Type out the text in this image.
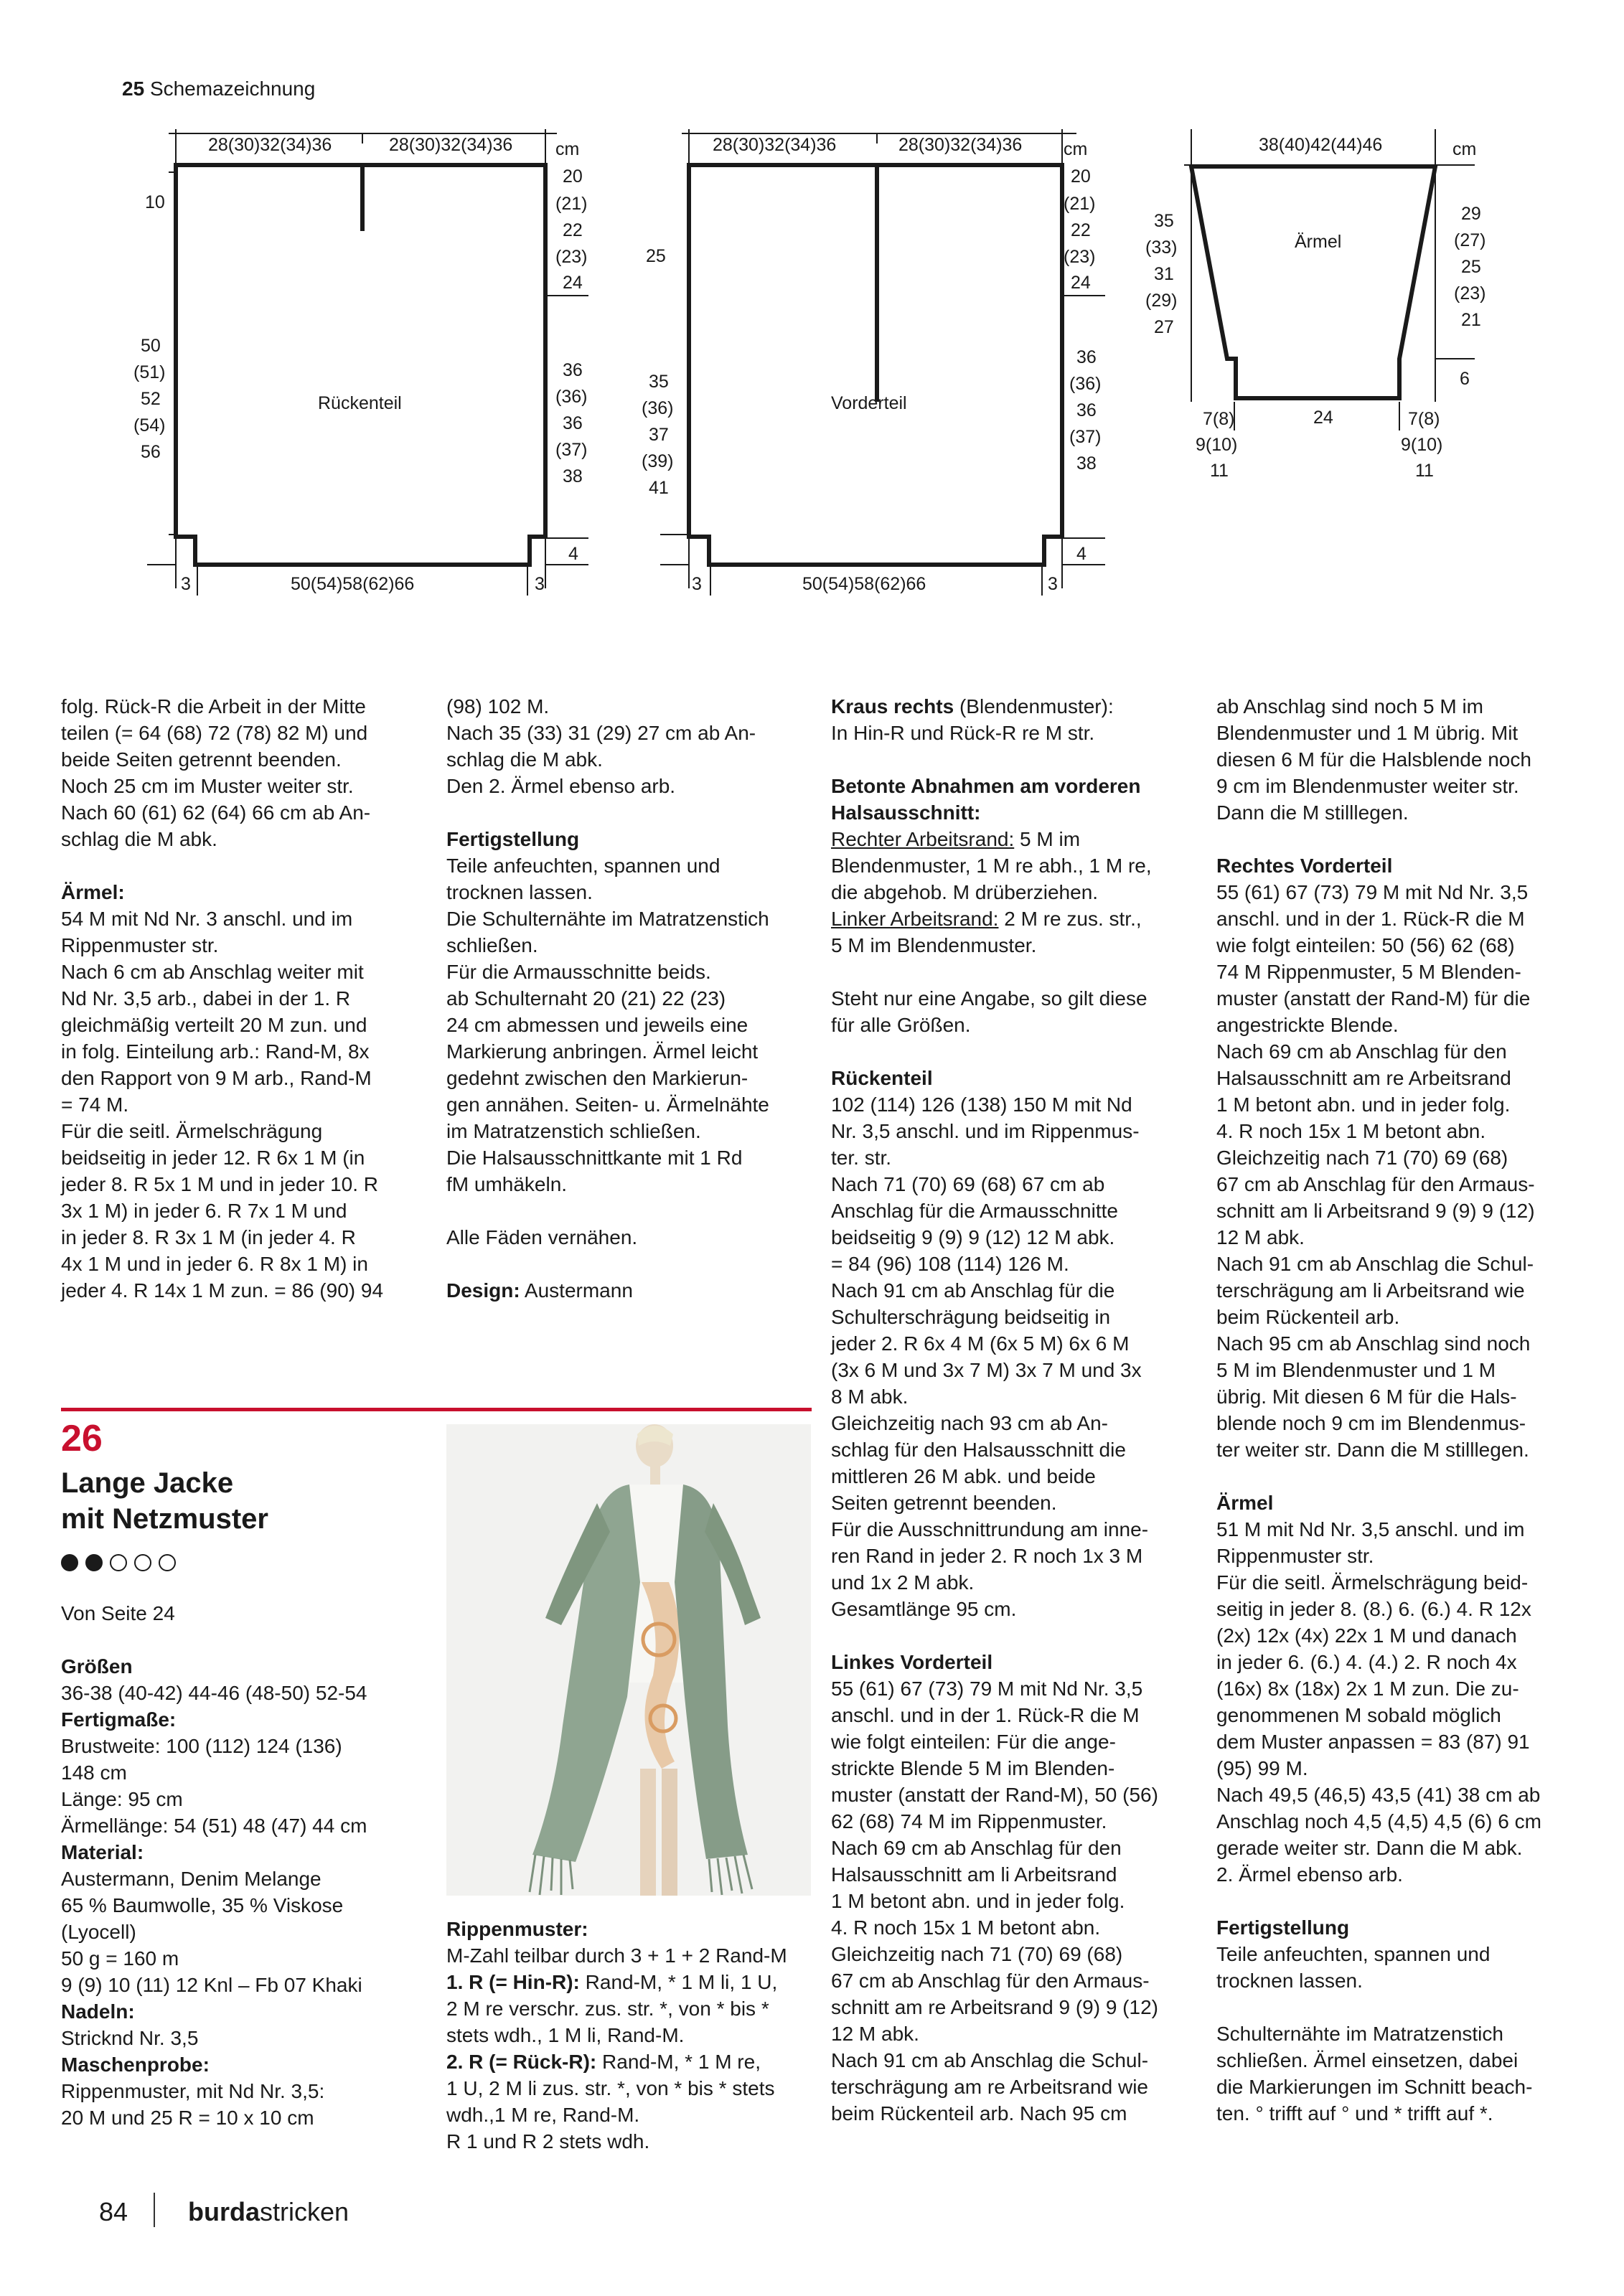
25 Schemazeichnung
28(30)32(34)36	28(30)32(34)36 cm
10
50
(51)
52
(54)
56
20
(21)
22
(23)
24
36
(36)
36
(37)
38
Rückenteil
4
3	50(54)58(62)66	3
28(30)32(34)36	28(30)32(34)36 cm
25
35
(36)
37
(39)
41
20
(21)
22
(23)
24
36
(36)
36
(37)
38
Vorderteil
4
3	50(54)58(62)66	3
38(40)42(44)46	cm
35
(33)
31
(29)
27
29
(27)
25
(23)
21
Ärmel
6
24
7(8)
9(10)
11
7(8)
9(10)
11

folg. Rück-R die Arbeit in der Mitte

teilen (= 64 (68) 72 (78) 82 M) und

beide Seiten getrennt beenden.

Noch 25 cm im Muster weiter str.

Nach 60 (61) 62 (64) 66 cm ab An-

schlag die M abk.

Ärmel:

54 M mit Nd Nr. 3 anschl. und im

Rippenmuster str.

Nach 6 cm ab Anschlag weiter mit

Nd Nr. 3,5 arb., dabei in der 1. R

gleichmäßig verteilt 20 M zun. und

in folg. Einteilung arb.: Rand-M, 8x

den Rapport von 9 M arb., Rand-M

= 74 M.

Für die seitl. Ärmelschrägung

beidseitig in jeder 12. R 6x 1 M (in

jeder 8. R 5x 1 M und in jeder 10. R

3x 1 M) in jeder 6. R 7x 1 M und

in jeder 8. R 3x 1 M (in jeder 4. R

4x 1 M und in jeder 6. R 8x 1 M) in

jeder 4. R 14x 1 M zun. = 86 (90) 94

(98) 102 M.

Nach 35 (33) 31 (29) 27 cm ab An-

schlag die M abk.

Den 2. Ärmel ebenso arb.

Fertigstellung

Teile anfeuchten, spannen und

trocknen lassen.

Die Schulternähte im Matratzenstich

schließen.

Für die Armausschnitte beids.

ab Schulternaht 20 (21) 22 (23)

24 cm abmessen und jeweils eine

Markierung anbringen. Ärmel leicht

gedehnt zwischen den Markierun-

gen annähen. Seiten- u. Ärmelnähte

im Matratzenstich schließen.

Die Halsausschnittkante mit 1 Rd

fM umhäkeln.

Alle Fäden vernähen.

Design: Austermann

Kraus rechts (Blendenmuster):

In Hin-R und Rück-R re M str.

Betonte Abnahmen am vorderen

Halsausschnitt:

Rechter Arbeitsrand: 5 M im

Blendenmuster, 1 M re abh., 1 M re,

die abgehob. M drüberziehen.

Linker Arbeitsrand: 2 M re zus. str.,

5 M im Blendenmuster.

Steht nur eine Angabe, so gilt diese

für alle Größen.

Rückenteil

102 (114) 126 (138) 150 M mit Nd

Nr. 3,5 anschl. und im Rippenmus-

ter. str.

Nach 71 (70) 69 (68) 67 cm ab

Anschlag für die Armausschnitte

beidseitig 9 (9) 9 (12) 12 M abk.

= 84 (96) 108 (114) 126 M.

Nach 91 cm ab Anschlag für die

Schulterschrägung beidseitig in

jeder 2. R 6x 4 M (6x 5 M) 6x 6 M

(3x 6 M und 3x 7 M) 3x 7 M und 3x

8 M abk.

Gleichzeitig nach 93 cm ab An-

schlag für den Halsausschnitt die

mittleren 26 M abk. und beide

Seiten getrennt beenden.

Für die Ausschnittrundung am inne-

ren Rand in jeder 2. R noch 1x 3 M

und 1x 2 M abk.

Gesamtlänge 95 cm.

Linkes Vorderteil

55 (61) 67 (73) 79 M mit Nd Nr. 3,5

anschl. und in der 1. Rück-R die M

wie folgt einteilen: Für die ange-

strickte Blende 5 M im Blenden-

muster (anstatt der Rand-M), 50 (56)

62 (68) 74 M im Rippenmuster.

Nach 69 cm ab Anschlag für den

Halsausschnitt am li Arbeitsrand

1 M betont abn. und in jeder folg.

4. R noch 15x 1 M betont abn.

Gleichzeitig nach 71 (70) 69 (68)

67 cm ab Anschlag für den Armaus-

schnitt am re Arbeitsrand 9 (9) 9 (12)

12 M abk.

Nach 91 cm ab Anschlag die Schul-

terschrägung am re Arbeitsrand wie

beim Rückenteil arb. Nach 95 cm

ab Anschlag sind noch 5 M im

Blendenmuster und 1 M übrig. Mit

diesen 6 M für die Halsblende noch

9 cm im Blendenmuster weiter str.

Dann die M stilllegen.

Rechtes Vorderteil

55 (61) 67 (73) 79 M mit Nd Nr. 3,5

anschl. und in der 1. Rück-R die M

wie folgt einteilen: 50 (56) 62 (68)

74 M Rippenmuster, 5 M Blenden-

muster (anstatt der Rand-M) für die

angestrickte Blende.

Nach 69 cm ab Anschlag für den

Halsausschnitt am re Arbeitsrand

1 M betont abn. und in jeder folg.

4. R noch 15x 1 M betont abn.

Gleichzeitig nach 71 (70) 69 (68)

67 cm ab Anschlag für den Armaus-

schnitt am li Arbeitsrand 9 (9) 9 (12)

12 M abk.

Nach 91 cm ab Anschlag die Schul-

terschrägung am li Arbeitsrand wie

beim Rückenteil arb.

Nach 95 cm ab Anschlag sind noch

5 M im Blendenmuster und 1 M

übrig. Mit diesen 6 M für die Hals-

blende noch 9 cm im Blendenmus-

ter weiter str. Dann die M stilllegen.

Ärmel

51 M mit Nd Nr. 3,5 anschl. und im

Rippenmuster str.

Für die seitl. Ärmelschrägung beid-

seitig in jeder 8. (8.) 6. (6.) 4. R 12x

(2x) 12x (4x) 22x 1 M und danach

in jeder 6. (6.) 4. (4.) 2. R noch 4x

(16x) 8x (18x) 2x 1 M zun. Die zu-

genommenen M sobald möglich

dem Muster anpassen = 83 (87) 91

(95) 99 M.

Nach 49,5 (46,5) 43,5 (41) 38 cm ab

Anschlag noch 4,5 (4,5) 4,5 (6) 6 cm

gerade weiter str. Dann die M abk.

2. Ärmel ebenso arb.

Fertigstellung

Teile anfeuchten, spannen und

trocknen lassen.

Schulternähte im Matratzenstich

schließen. Ärmel einsetzen, dabei

die Markierungen im Schnitt beach-

ten. ° trifft auf ° und * trifft auf *.

26
Lange Jacke
mit Netzmuster

Von Seite 24

Größen

36-38 (40-42) 44-46 (48-50) 52-54

Fertigmaße:

Brustweite: 100 (112) 124 (136)

148 cm

Länge: 95 cm

Ärmellänge: 54 (51) 48 (47) 44 cm

Material:

Austermann, Denim Melange

65 % Baumwolle, 35 % Viskose

(Lyocell)

50 g = 160 m

9 (9) 10 (11) 12 Knl – Fb 07 Khaki

Nadeln:

Stricknd Nr. 3,5

Maschenprobe:

Rippenmuster, mit Nd Nr. 3,5:

20 M und 25 R = 10 x 10 cm

Rippenmuster:

M-Zahl teilbar durch 3 + 1 + 2 Rand-M

1. R (= Hin-R): Rand-M, * 1 M li, 1 U,

2 M re verschr. zus. str. *, von * bis *

stets wdh., 1 M li, Rand-M.

2. R (= Rück-R): Rand-M, * 1 M re,

1 U, 2 M li zus. str. *, von * bis * stets

wdh.,1 M re, Rand-M.

R 1 und R 2 stets wdh.

84 burdastricken
